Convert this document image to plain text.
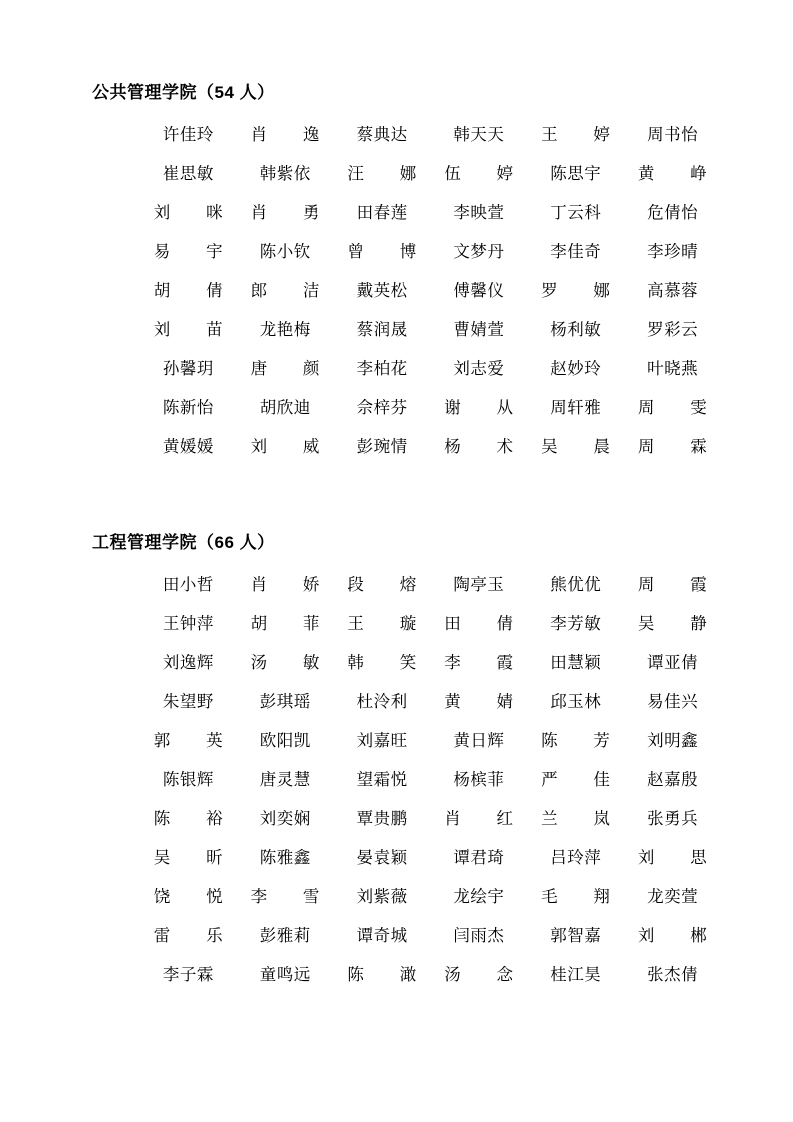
公共管理学院（54 人）
	许佳玲	肖逸	蔡典达	韩天天	王婷	周书怡
	崔思敏	韩紫依	汪娜	伍婷	陈思宇	黄峥
	刘咪	肖勇	田春莲	李映萱	丁云科	危倩怡
	易宇	陈小钦	曾博	文梦丹	李佳奇	李珍晴
	胡倩	郎洁	戴英松	傅馨仪	罗娜	高慕蓉
	刘苗	龙艳梅	蔡润晟	曹婧萱	杨利敏	罗彩云
	孙馨玥	唐颜	李柏花	刘志爱	赵妙玲	叶晓燕
	陈新怡	胡欣迪	佘梓芬	谢从	周轩雅	周雯
	黄媛媛	刘威	彭琬情	杨术	吴晨	周霖
工程管理学院（66 人）
	田小哲	肖娇	段熔	陶亭玉	熊优优	周霞
	王钟萍	胡菲	王璇	田倩	李芳敏	吴静
	刘逸辉	汤敏	韩笑	李霞	田慧颖	谭亚倩
	朱望野	彭琪瑶	杜泠利	黄婧	邱玉林	易佳兴
	郭英	欧阳凯	刘嘉旺	黄日辉	陈芳	刘明鑫
	陈银辉	唐灵慧	望霜悦	杨槟菲	严佳	赵嘉殷
	陈裕	刘奕娴	覃贵鹏	肖红	兰岚	张勇兵
	吴昕	陈雅鑫	晏袁颖	谭君琦	吕玲萍	刘思
	饶悦	李雪	刘紫薇	龙绘宇	毛翔	龙奕萱
	雷乐	彭雅莉	谭奇城	闫雨杰	郭智嘉	刘郴
	李子霖	童鸣远	陈澉	汤念	桂江昊	张杰倩
